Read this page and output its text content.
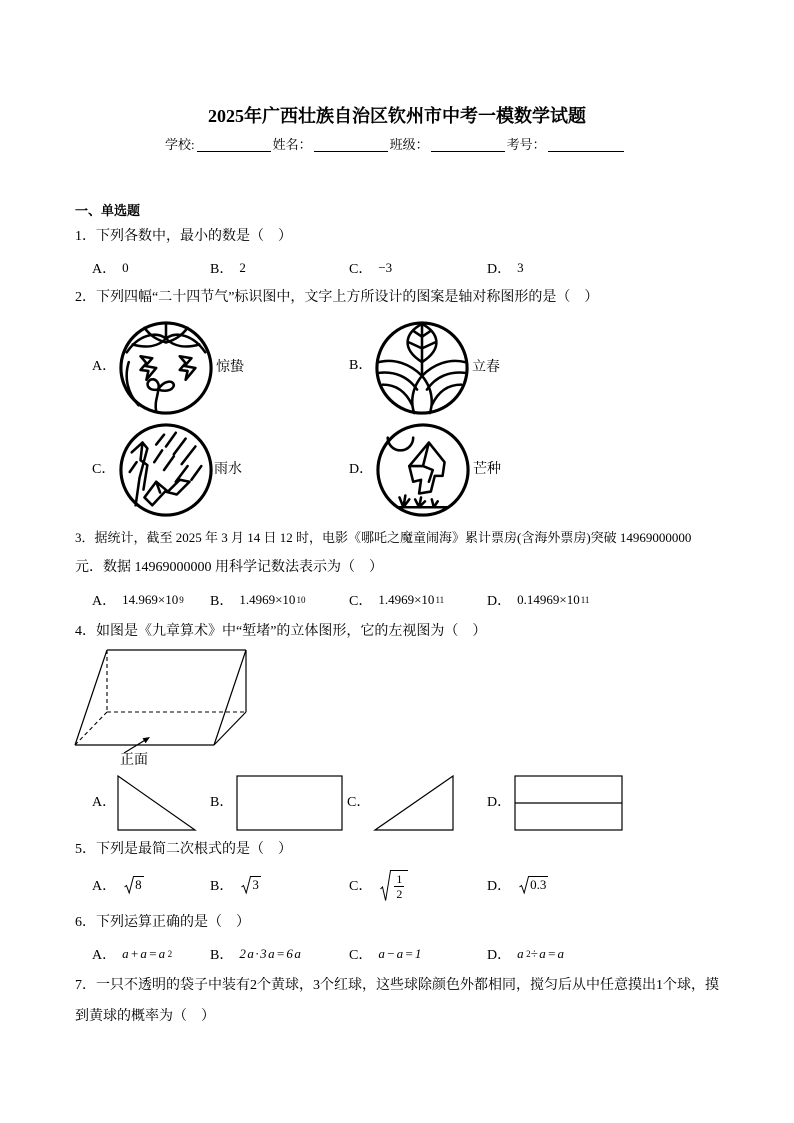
2025年广西壮族自治区钦州市中考一模数学试题
学校:	姓名：	班级：	考号：
一、单选题
1．下列各数中，最小的数是（　）
A． 0	B． 2	C． −3	D． 3
2．下列四幅“二十四节气”标识图中，文字上方所设计的图案是轴对称图形的是（　）
A．	惊蛰	B．	立春
C．	雨水	D．	芒种
3．据统计，截至 2025 年 3 月 14 日 12 时，电影《哪吒之魔童闹海》累计票房(含海外票房)突破 14969000000
元．数据 14969000000 用科学记数法表示为（　）
A． 14.969×10 9 B． 1.4969×10 10	C． 1.4969×10 11	D． 0.14969×10 11
4．如图是《九章算术》中“堑堵”的立体图形，它的左视图为（　）
正面
A．	B．	C．	D．
5．下列是最简二次根式的是（　）
A． 8	B． 3	C． $\frac{1}{2}$	D． 0.3
6．下列运算正确的是（　）
A． a+a=a 2	B． 2a·3a=6a	C． a−a=1	D． a 2 ÷a=a
7．一只不透明的袋子中装有2个黄球，3个红球，这些球除颜色外都相同，搅匀后从中任意摸出1个球，摸
到黄球的概率为（　）
